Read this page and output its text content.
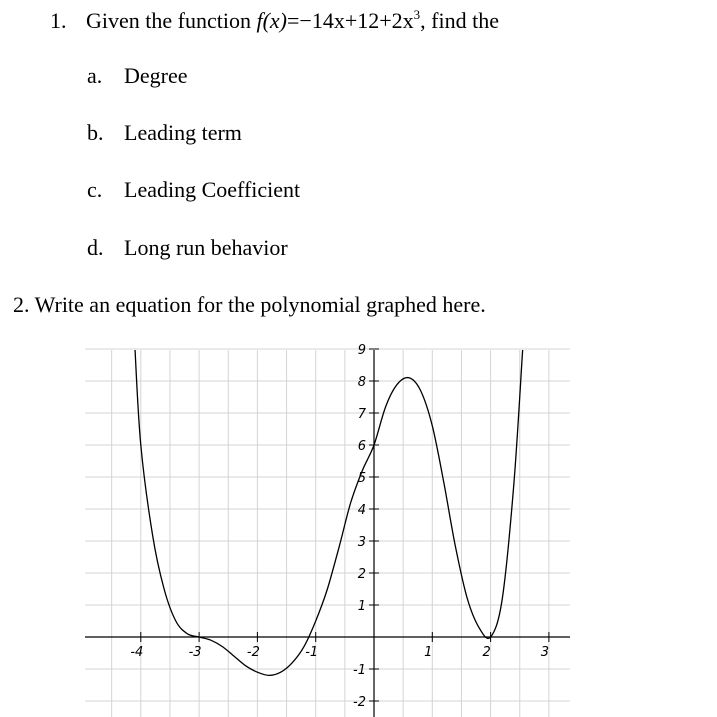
1. Given the function $f(x)=-14x+12+2x^3$, find the
a. Degree
b. Leading term
c. Leading Coefficient
d. Long run behavior
2. Write an equation for the polynomial graphed here.
-4	-3	-2	-1	1	2	3
9
8
7
6
5
4
3
2
1
-1
-2
